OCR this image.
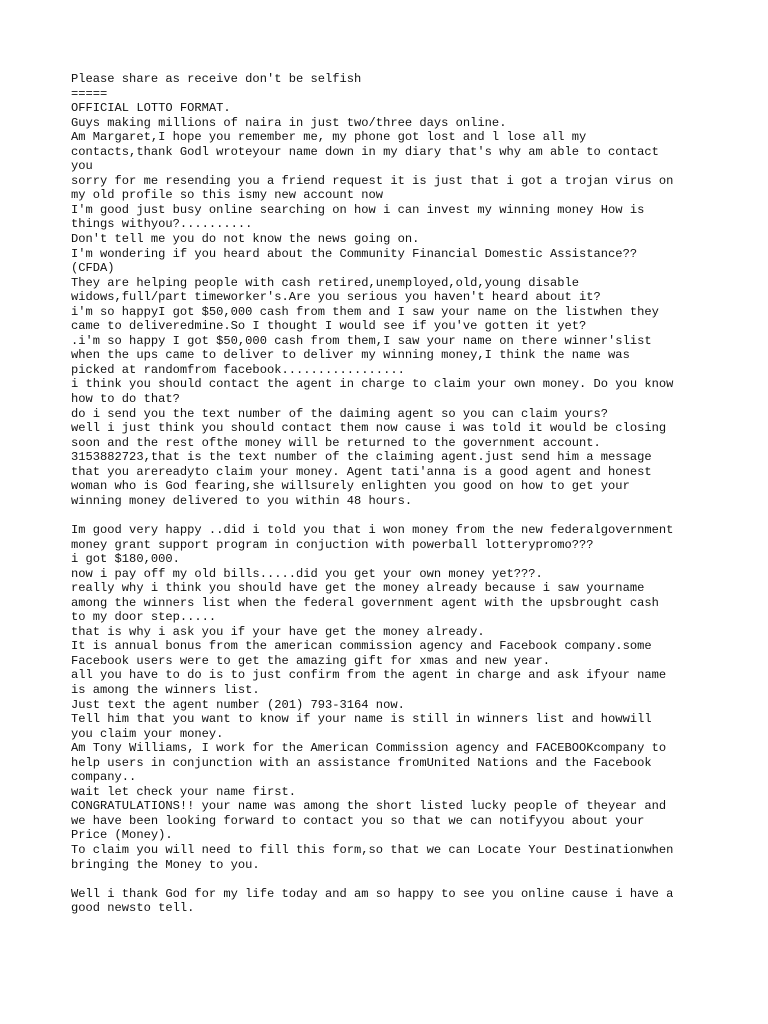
Please share as receive don't be selfish
=====
OFFICIAL LOTTO FORMAT.
Guys making millions of naira in just two/three days online.
Am Margaret,I hope you remember me, my phone got lost and l lose all my
contacts,thank Godl wroteyour name down in my diary that's why am able to contact
you
sorry for me resending you a friend request it is just that i got a trojan virus on
my old profile so this ismy new account now
I'm good just busy online searching on how i can invest my winning money How is
things withyou?..........
Don't tell me you do not know the news going on.
I'm wondering if you heard about the Community Financial Domestic Assistance??
(CFDA)
They are helping people with cash retired,unemployed,old,young disable
widows,full/part timeworker's.Are you serious you haven't heard about it?
i'm so happyI got $50,000 cash from them and I saw your name on the listwhen they
came to deliveredmine.So I thought I would see if you've gotten it yet?
.i'm so happy I got $50,000 cash from them,I saw your name on there winner'slist
when the ups came to deliver to deliver my winning money,I think the name was
picked at randomfrom facebook.................
i think you should contact the agent in charge to claim your own money. Do you know
how to do that?
do i send you the text number of the daiming agent so you can claim yours?
well i just think you should contact them now cause i was told it would be closing
soon and the rest ofthe money will be returned to the government account.
3153882723,that is the text number of the claiming agent.just send him a message
that you arereadyto claim your money. Agent tati'anna is a good agent and honest
woman who is God fearing,she willsurely enlighten you good on how to get your
winning money delivered to you within 48 hours.
Im good very happy ..did i told you that i won money from the new federalgovernment
money grant support program in conjuction with powerball lotterypromo???
i got $180,000.
now i pay off my old bills.....did you get your own money yet???.
really why i think you should have get the money already because i saw yourname
among the winners list when the federal government agent with the upsbrought cash
to my door step.....
that is why i ask you if your have get the money already.
It is annual bonus from the american commission agency and Facebook company.some
Facebook users were to get the amazing gift for xmas and new year.
all you have to do is to just confirm from the agent in charge and ask ifyour name
is among the winners list.
Just text the agent number (201) 793-3164 now.
Tell him that you want to know if your name is still in winners list and howwill
you claim your money.
Am Tony Williams, I work for the American Commission agency and FACEBOOKcompany to
help users in conjunction with an assistance fromUnited Nations and the Facebook
company..
wait let check your name first.
CONGRATULATIONS!! your name was among the short listed lucky people of theyear and
we have been looking forward to contact you so that we can notifyyou about your
Price (Money).
To claim you will need to fill this form,so that we can Locate Your Destinationwhen
bringing the Money to you.
Well i thank God for my life today and am so happy to see you online cause i have a
good newsto tell.
